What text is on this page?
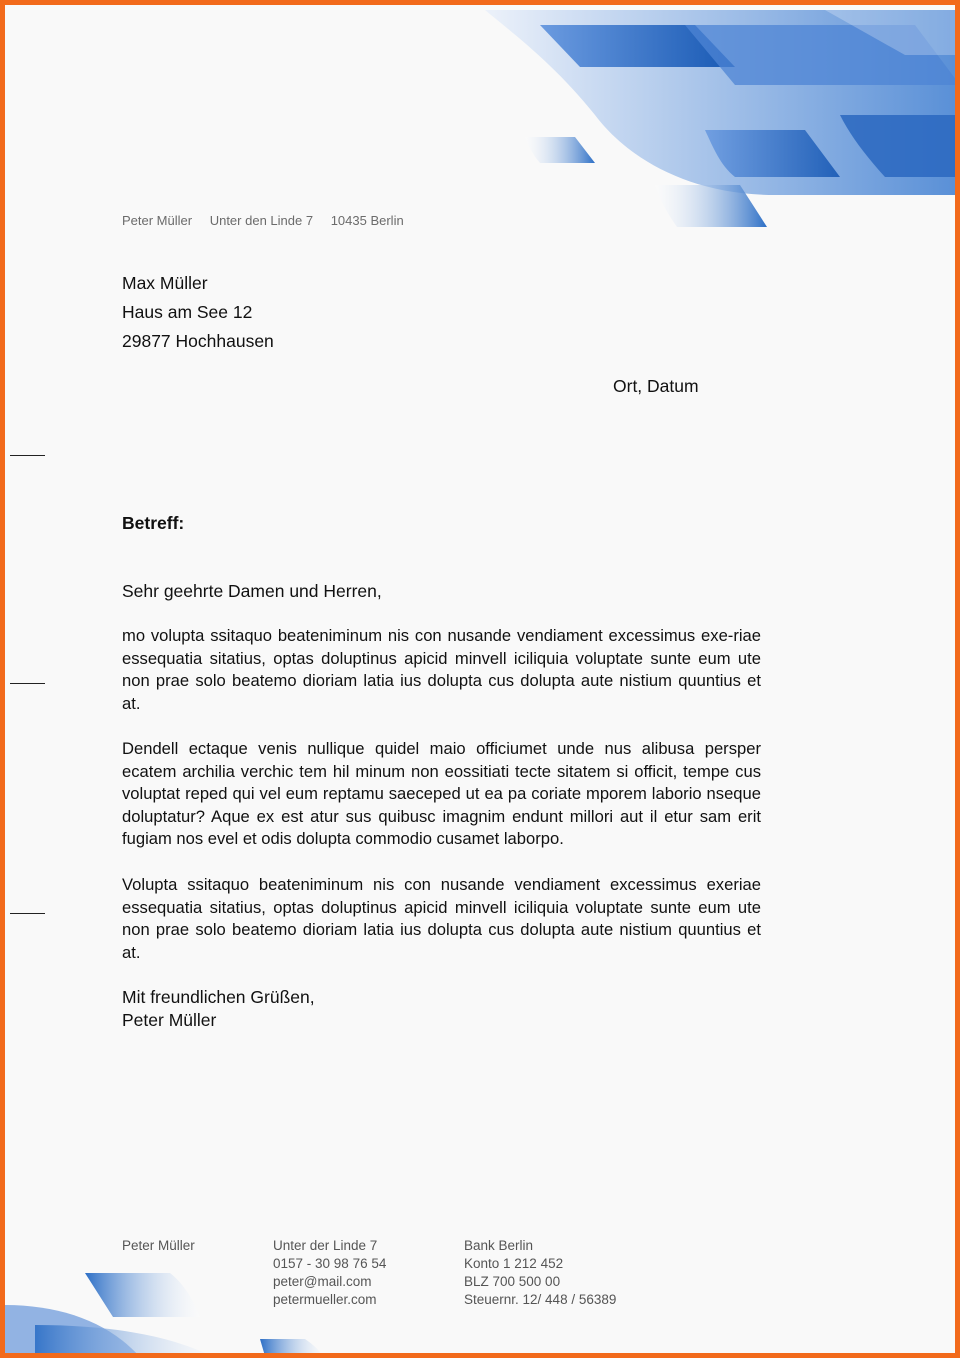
Peter Müller Unter den Linde 7 10435 Berlin
Max Müller
Haus am See 12
29877 Hochhausen
Ort, Datum
Betreff:
Sehr geehrte Damen und Herren,

mo volupta ssitaquo beateniminum nis con nusande vendiament excessimus exe-riae essequatia sitatius, optas doluptinus apicid minvell iciliquia voluptate sunte eum ute non prae solo beatemo dioriam latia ius dolupta cus dolupta aute nistium quuntius et at.

Dendell ectaque venis nullique quidel maio officiumet unde nus alibusa persper ecatem archilia verchic tem hil minum non eossitiati tecte sitatem si officit, tempe cus voluptat reped qui vel eum reptamu saeceped ut ea pa coriate mporem laborio nseque doluptatur? Aque ex est atur sus quibusc imagnim endunt millori aut il etur sam erit fugiam nos evel et odis dolupta commodio cusamet laborpo.

Volupta ssitaquo beateniminum nis con nusande vendiament excessimus exeriae essequatia sitatius, optas doluptinus apicid minvell iciliquia voluptate sunte eum ute non prae solo beatemo dioriam latia ius dolupta cus dolupta aute nistium quuntius et at.

Mit freundlichen Grüßen,
Peter Müller
Peter Müller	Unter der Linde 7
0157 - 30 98 76 54
peter@mail.com
petermueller.com
Bank Berlin
Konto 1 212 452
BLZ 700 500 00
Steuernr. 12/ 448 / 56389
